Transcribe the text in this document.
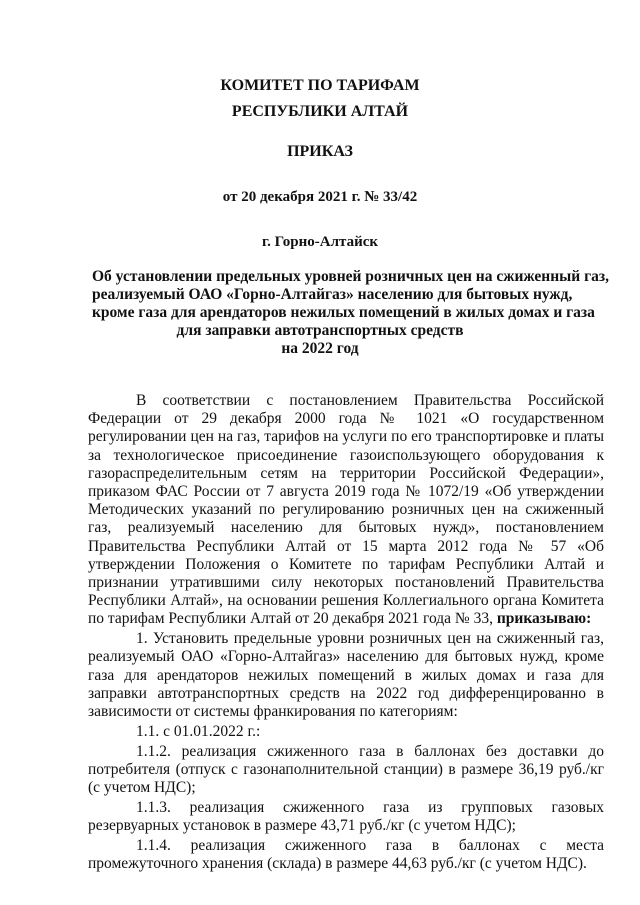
КОМИТЕТ ПО ТАРИФАМ
РЕСПУБЛИКИ АЛТАЙ
ПРИКАЗ
от 20 декабря 2021 г. № 33/42
г. Горно-Алтайск
Об установлении предельных уровней розничных цен на сжиженный газ,
реализуемый ОАО «Горно-Алтайгаз» населению для бытовых нужд,
кроме газа для арендаторов нежилых помещений в жилых домах и газа
для заправки автотранспортных средств
на 2022 год

В соответствии с постановлением Правительства Российской Федерации от 29 декабря 2000 года № 1021 «О государственном регулировании цен на газ, тарифов на услуги по его транспортировке и платы за технологическое присоединение газоиспользующего оборудования к газораспределительным сетям на территории Российской Федерации», приказом ФАС России от 7 августа 2019 года № 1072/19 «Об утверждении Методических указаний по регулированию розничных цен на сжиженный газ, реализуемый населению для бытовых нужд», постановлением Правительства Республики Алтай от 15 марта 2012 года № 57 «Об утверждении Положения о Комитете по тарифам Республики Алтай и признании утратившими силу некоторых постановлений Правительства Республики Алтай», на основании решения Коллегиального органа Комитета по тарифам Республики Алтай от 20 декабря 2021 года № 33, приказываю:

1. Установить предельные уровни розничных цен на сжиженный газ, реализуемый ОАО «Горно-Алтайгаз» населению для бытовых нужд, кроме газа для арендаторов нежилых помещений в жилых домах и газа для заправки автотранспортных средств на 2022 год дифференцированно в зависимости от системы франкирования по категориям:

1.1. с 01.01.2022 г.:

1.1.2. реализация сжиженного газа в баллонах без доставки до потребителя (отпуск с газонаполнительной станции) в размере 36,19 руб./кг (с учетом НДС);

1.1.3. реализация сжиженного газа из групповых газовых резервуарных установок в размере 43,71 руб./кг (с учетом НДС);

1.1.4. реализация сжиженного газа в баллонах с места промежуточного хранения (склада) в размере 44,63 руб./кг (с учетом НДС).
